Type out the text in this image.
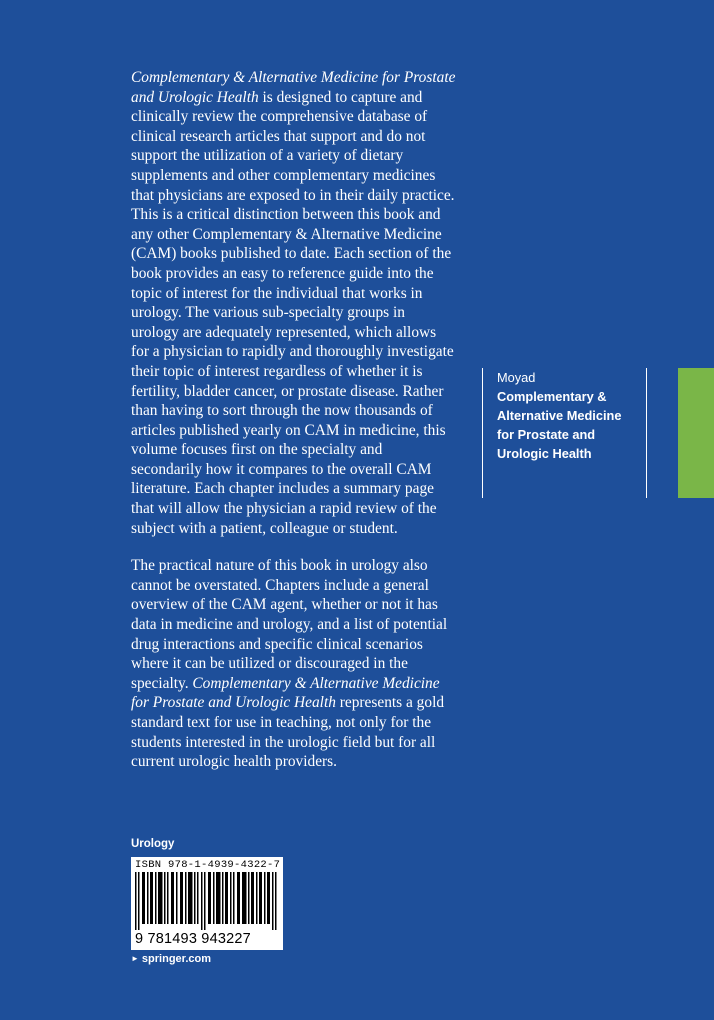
Complementary & Alternative Medicine for Prostate and Urologic Health is designed to capture and clinically review the comprehensive database of clinical research articles that support and do not support the utilization of a variety of dietary supplements and other complementary medicines that physicians are exposed to in their daily practice. This is a critical distinction between this book and any other Complementary & Alternative Medicine (CAM) books published to date. Each section of the book provides an easy to reference guide into the topic of interest for the individual that works in urology. The various sub-specialty groups in urology are adequately represented, which allows for a physician to rapidly and thoroughly investigate their topic of interest regardless of whether it is fertility, bladder cancer, or prostate disease. Rather than having to sort through the now thousands of articles published yearly on CAM in medicine, this volume focuses first on the specialty and secondarily how it compares to the overall CAM literature. Each chapter includes a summary page that will allow the physician a rapid review of the subject with a patient, colleague or student.

The practical nature of this book in urology also cannot be overstated. Chapters include a general overview of the CAM agent, whether or not it has data in medicine and urology, and a list of potential drug interactions and specific clinical scenarios where it can be utilized or discouraged in the specialty. Complementary & Alternative Medicine for Prostate and Urologic Health represents a gold standard text for use in teaching, not only for the students interested in the urologic field but for all current urologic health providers.

Moyad
Complementary & Alternative Medicine for Prostate and Urologic Health
Urology
ISBN 978-1-4939-4322-7
9 781493 943227
► springer.com
